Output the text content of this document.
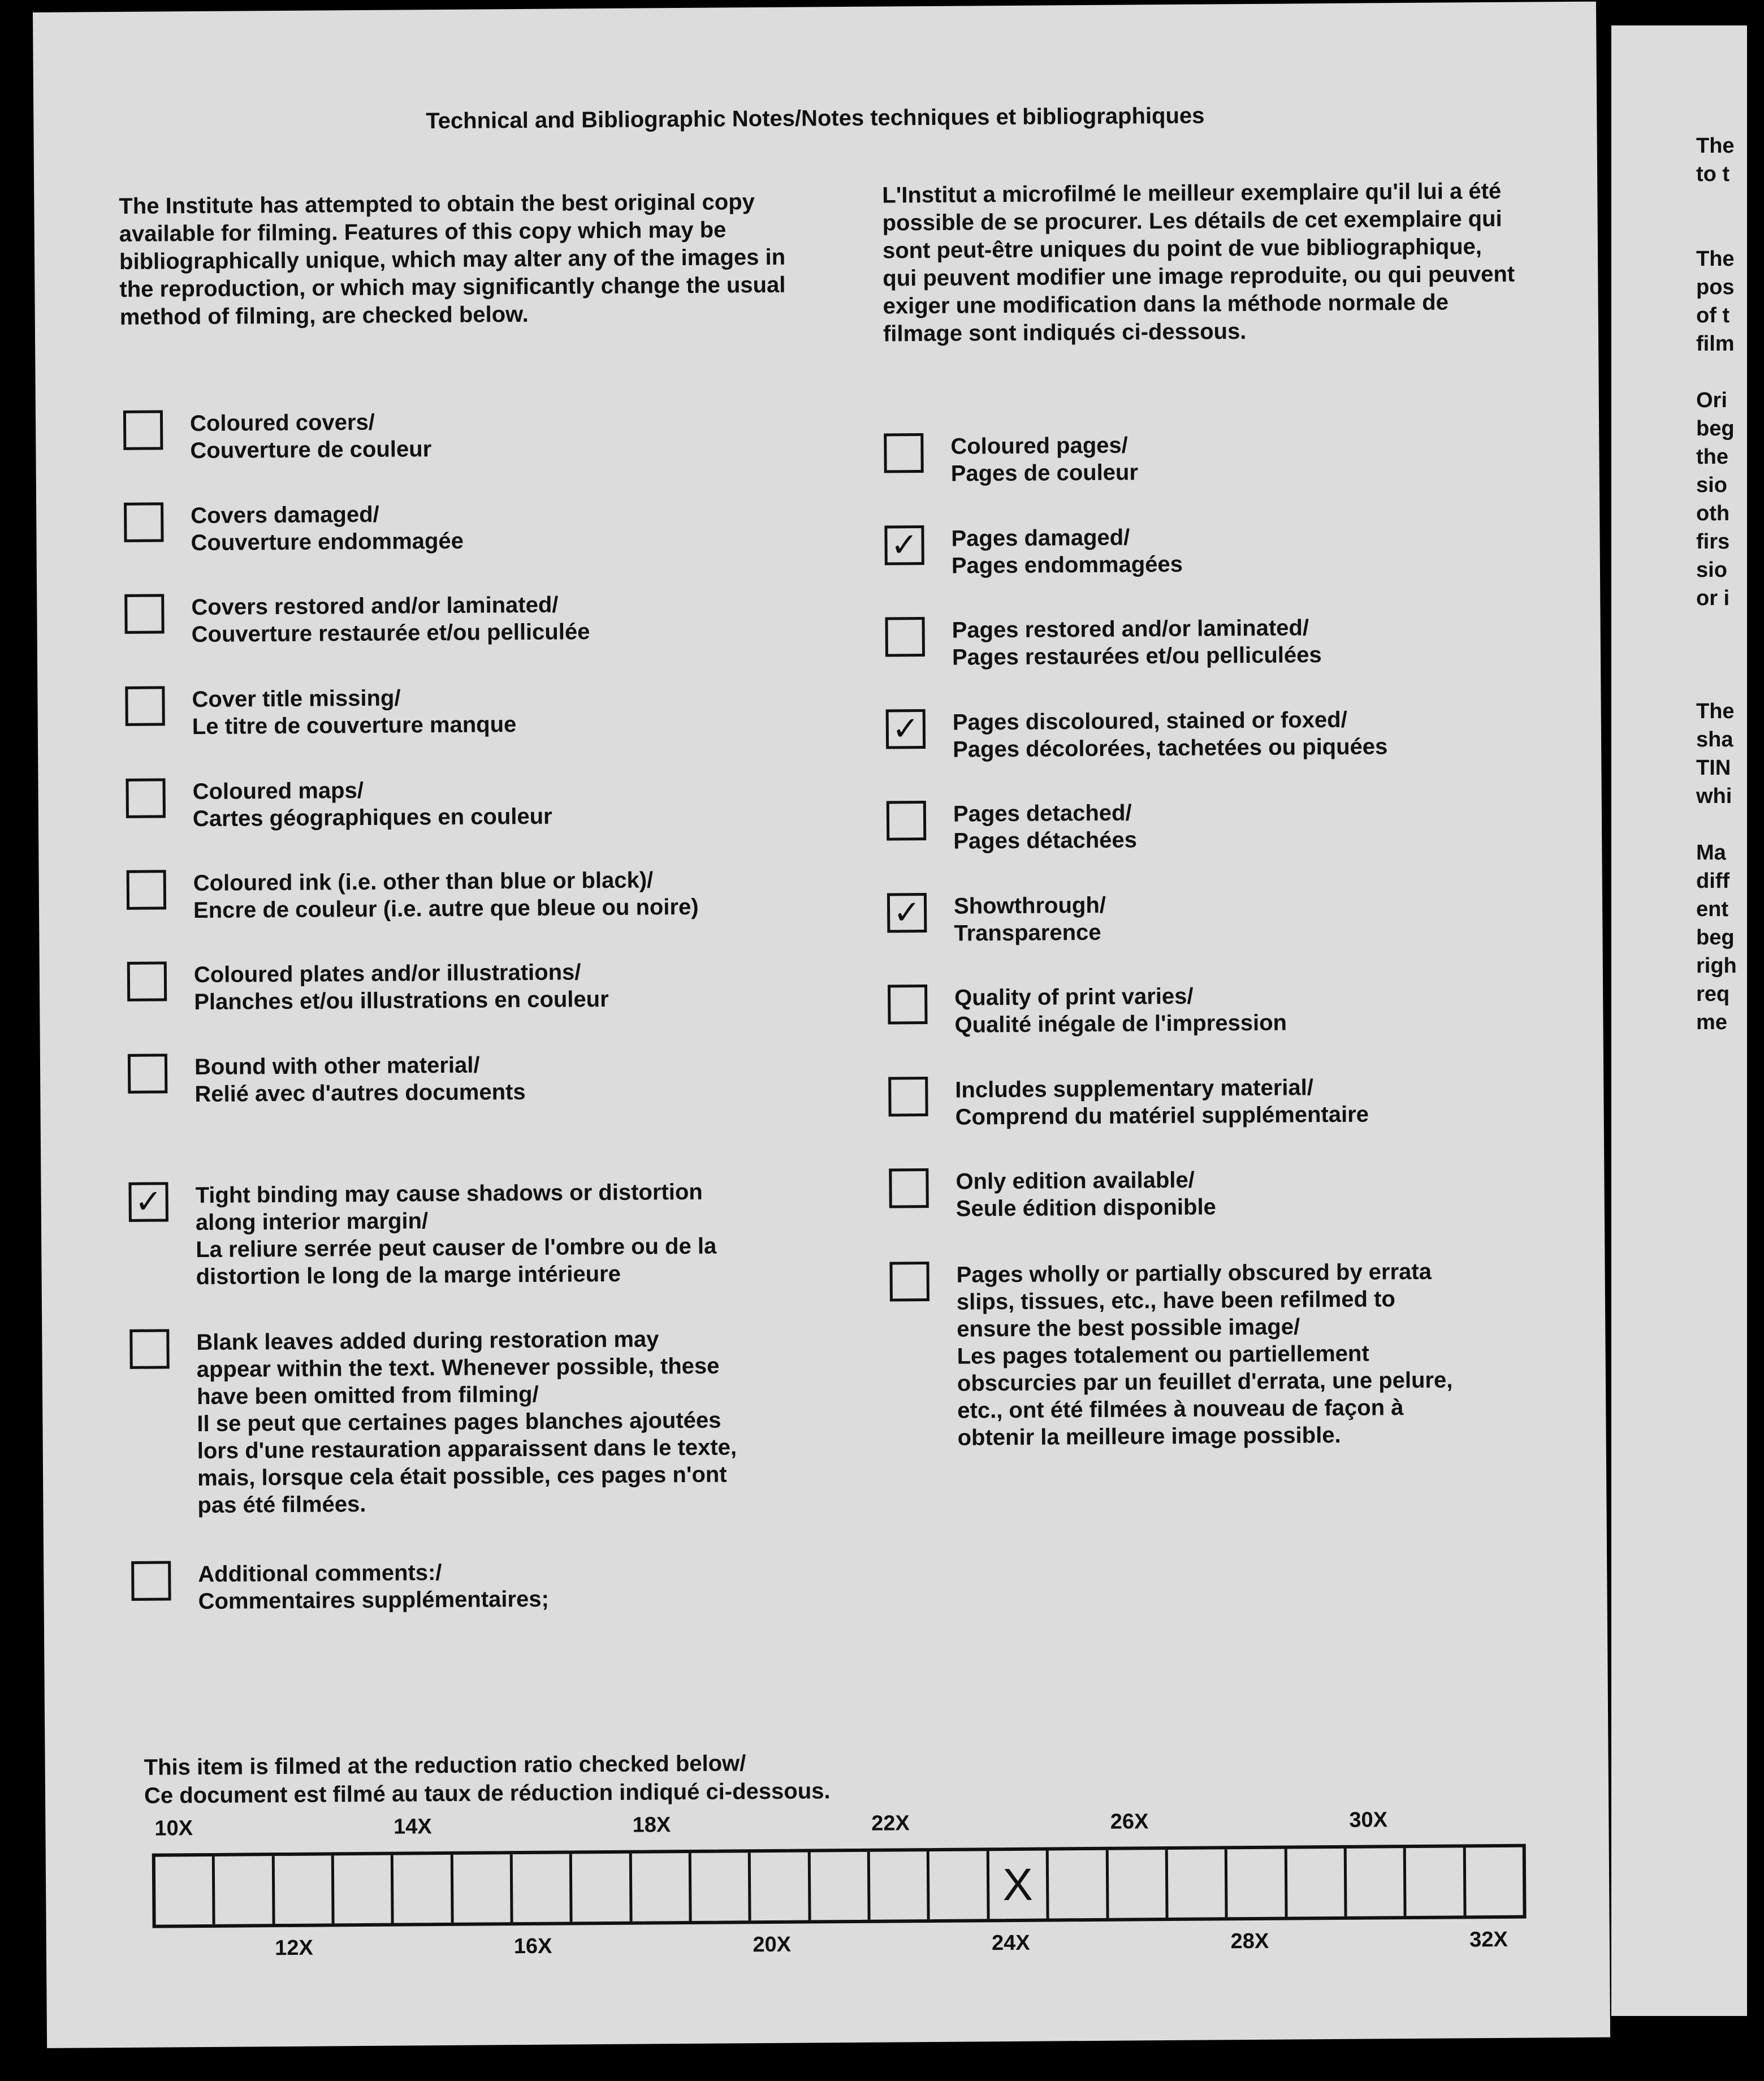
Technical and Bibliographic Notes/Notes techniques et bibliographiques
The Institute has attempted to obtain the best original copy available for filming. Features of this copy which may be bibliographically unique, which may alter any of the images in the reproduction, or which may significantly change the usual method of filming, are checked below.
L'Institut a microfilmé le meilleur exemplaire qu'il lui a été possible de se procurer. Les détails de cet exemplaire qui sont peut-être uniques du point de vue bibliographique, qui peuvent modifier une image reproduite, ou qui peuvent exiger une modification dans la méthode normale de filmage sont indiqués ci-dessous.
Coloured covers/
Couverture de couleur
Covers damaged/
Couverture endommagée
Covers restored and/or laminated/
Couverture restaurée et/ou pelliculée
Cover title missing/
Le titre de couverture manque
Coloured maps/
Cartes géographiques en couleur
Coloured ink (i.e. other than blue or black)/
Encre de couleur (i.e. autre que bleue ou noire)
Coloured plates and/or illustrations/
Planches et/ou illustrations en couleur
Bound with other material/
Relié avec d'autres documents
✓ Tight binding may cause shadows or distortion
along interior margin/
La reliure serrée peut causer de l'ombre ou de la
distortion le long de la marge intérieure
Blank leaves added during restoration may
appear within the text. Whenever possible, these
have been omitted from filming/
Il se peut que certaines pages blanches ajoutées
lors d'une restauration apparaissent dans le texte,
mais, lorsque cela était possible, ces pages n'ont
pas été filmées.
Additional comments:/
Commentaires supplémentaires;
Coloured pages/
Pages de couleur
✓ Pages damaged/
Pages endommagées
Pages restored and/or laminated/
Pages restaurées et/ou pelliculées
✓ Pages discoloured, stained or foxed/
Pages décolorées, tachetées ou piquées
Pages detached/
Pages détachées
✓ Showthrough/
Transparence
Quality of print varies/
Qualité inégale de l'impression
Includes supplementary material/
Comprend du matériel supplémentaire
Only edition available/
Seule édition disponible
Pages wholly or partially obscured by errata
slips, tissues, etc., have been refilmed to
ensure the best possible image/
Les pages totalement ou partiellement
obscurcies par un feuillet d'errata, une pelure,
etc., ont été filmées à nouveau de façon à
obtenir la meilleure image possible.
This item is filmed at the reduction ratio checked below/
Ce document est filmé au taux de réduction indiqué ci-dessous.
10X	14X	18X	22X	26X	30X
X
12X	16X	20X	24X	28X	32X
The
to t
The
pos
of t
film
Ori
beg
the
sio
oth
firs
sio
or i
The
sha
TIN
whi
Ma
diff
ent
beg
righ
req
me
